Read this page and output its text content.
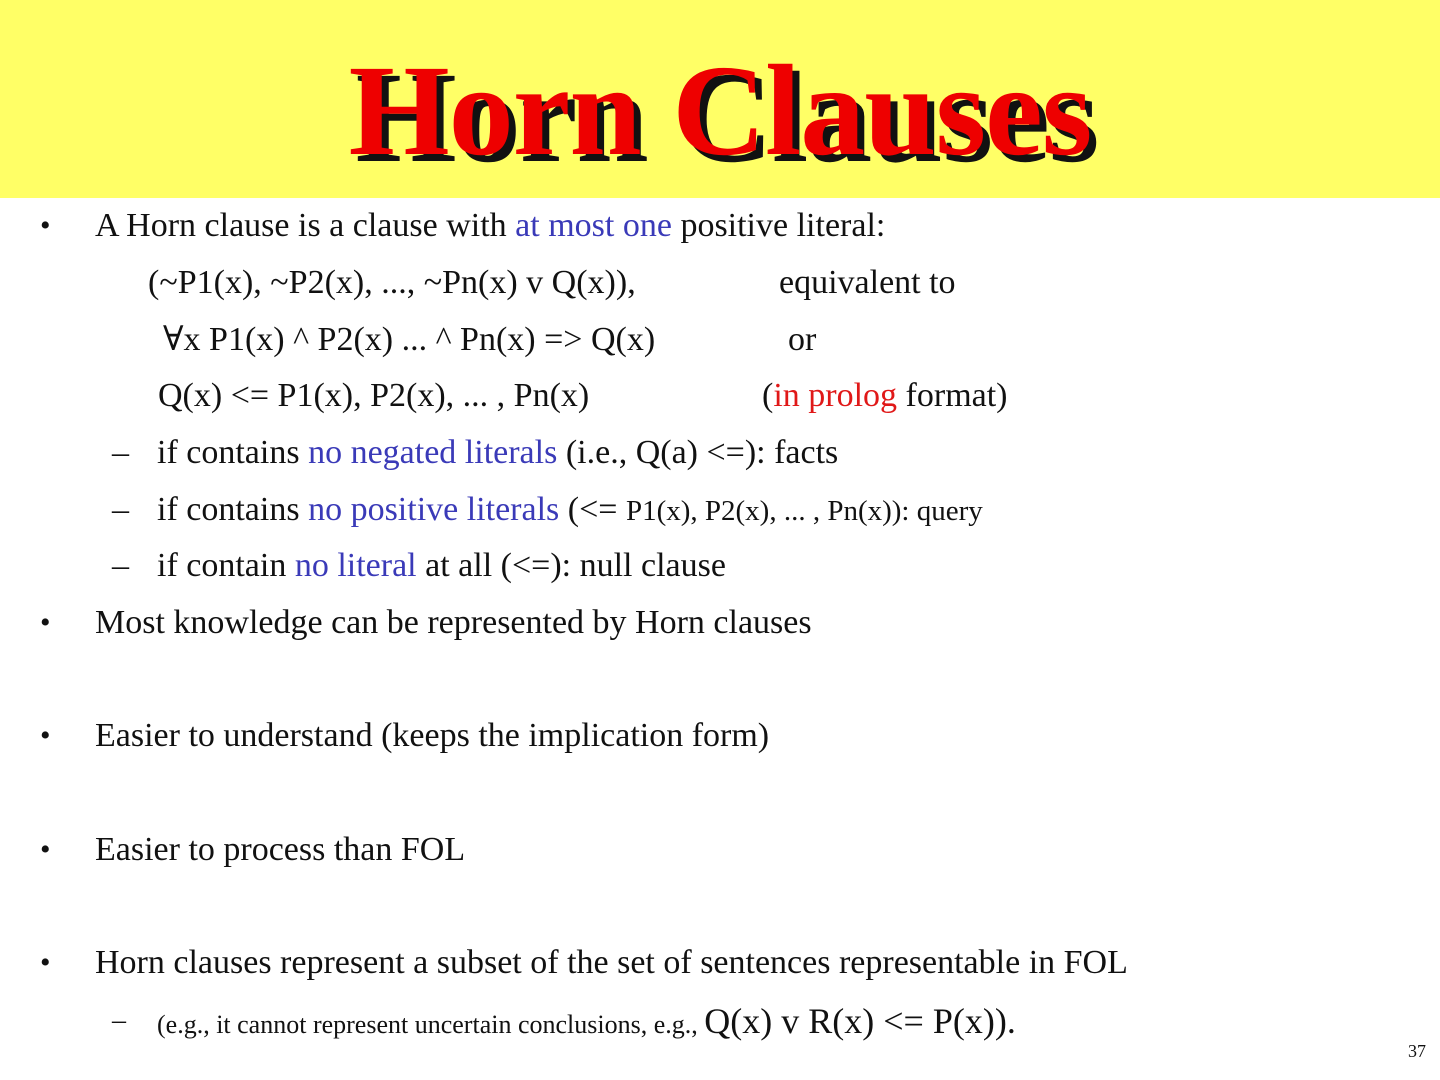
Horn Clauses
• A Horn clause is a clause with at most one positive literal:
(~P1(x), ~P2(x), ..., ~Pn(x) v Q(x)),	equivalent to
∀x P1(x) ^ P2(x) ... ^ Pn(x) => Q(x)	or
Q(x) <= P1(x), P2(x), ... , Pn(x)	(in prolog format)
– if contains no negated literals (i.e., Q(a) <=): facts
– if contains no positive literals (<= P1(x), P2(x), ... , Pn(x)): query
– if contain no literal at all (<=): null clause
• Most knowledge can be represented by Horn clauses
• Easier to understand (keeps the implication form)
• Easier to process than FOL
• Horn clauses represent a subset of the set of sentences representable in FOL
– (e.g., it cannot represent uncertain conclusions, e.g., Q(x) v R(x) <= P(x)).
37
